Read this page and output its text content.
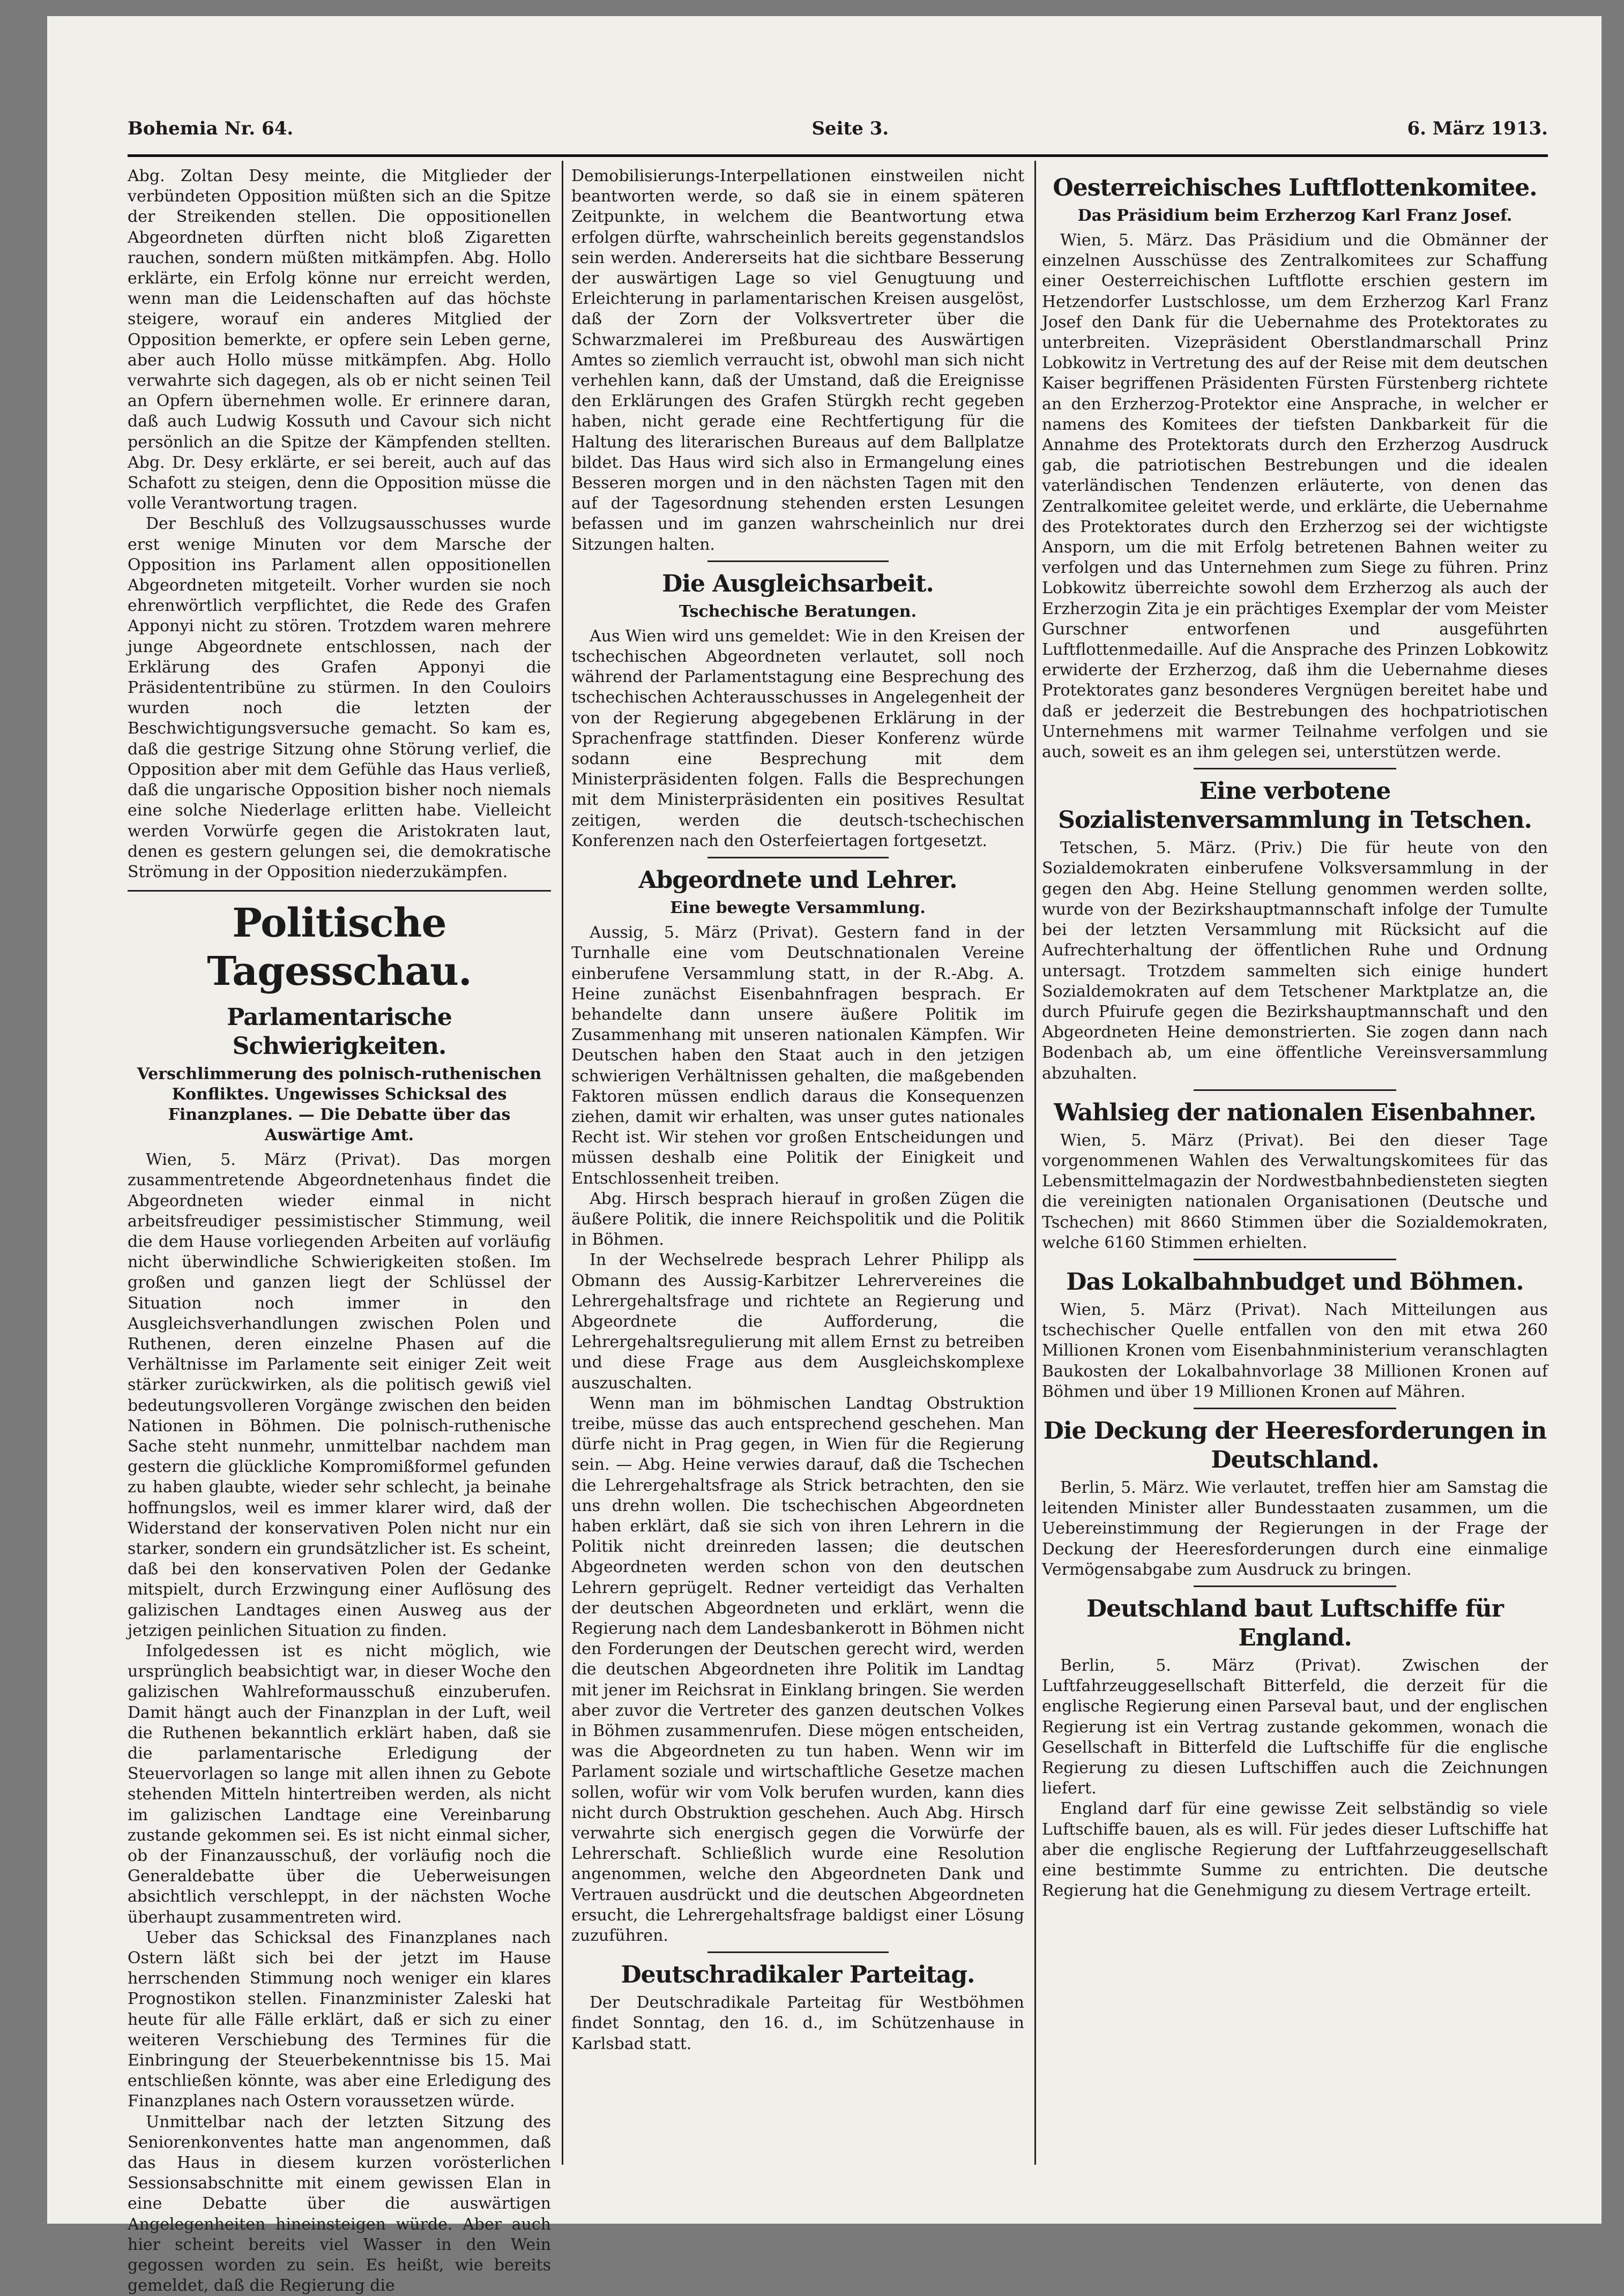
Bohemia Nr. 64.	Seite 3.	6. März 1913.

Abg. Zoltan Desy meinte, die Mitglieder der verbündeten Opposition müßten sich an die Spitze der Streikenden stellen. Die oppositionellen Abgeordneten dürften nicht bloß Zigaretten rauchen, sondern müßten mitkämpfen. Abg. Hollo erklärte, ein Erfolg könne nur erreicht werden, wenn man die Leidenschaften auf das höchste steigere, worauf ein anderes Mitglied der Opposition bemerkte, er opfere sein Leben gerne, aber auch Hollo müsse mitkämpfen. Abg. Hollo verwahrte sich dagegen, als ob er nicht seinen Teil an Opfern übernehmen wolle. Er erinnere daran, daß auch Ludwig Kossuth und Cavour sich nicht persönlich an die Spitze der Kämpfenden stellten. Abg. Dr. Desy erklärte, er sei bereit, auch auf das Schafott zu steigen, denn die Opposition müsse die volle Verantwortung tragen.

Der Beschluß des Vollzugsausschusses wurde erst wenige Minuten vor dem Marsche der Opposition ins Parlament allen oppositionellen Abgeordneten mitgeteilt. Vorher wurden sie noch ehrenwörtlich verpflichtet, die Rede des Grafen Apponyi nicht zu stören. Trotzdem waren mehrere junge Abgeordnete entschlossen, nach der Erklärung des Grafen Apponyi die Präsidententribüne zu stürmen. In den Couloirs wurden noch die letzten der Beschwichtigungsversuche gemacht. So kam es, daß die gestrige Sitzung ohne Störung verlief, die Opposition aber mit dem Gefühle das Haus verließ, daß die ungarische Opposition bisher noch niemals eine solche Niederlage erlitten habe. Vielleicht werden Vorwürfe gegen die Aristokraten laut, denen es gestern gelungen sei, die demokratische Strömung in der Opposition niederzukämpfen.

Politische Tagesschau.
Parlamentarische Schwierigkeiten.
Verschlimmerung des polnisch-ruthenischen Konfliktes. Ungewisses Schicksal des Finanzplanes. — Die Debatte über das Auswärtige Amt.

Wien, 5. März (Privat). Das morgen zusammentretende Abgeordnetenhaus findet die Abgeordneten wieder einmal in nicht arbeitsfreudiger pessimistischer Stimmung, weil die dem Hause vorliegenden Arbeiten auf vorläufig nicht überwindliche Schwierigkeiten stoßen. Im großen und ganzen liegt der Schlüssel der Situation noch immer in den Ausgleichsverhandlungen zwischen Polen und Ruthenen, deren einzelne Phasen auf die Verhältnisse im Parlamente seit einiger Zeit weit stärker zurückwirken, als die politisch gewiß viel bedeutungsvolleren Vorgänge zwischen den beiden Nationen in Böhmen. Die polnisch-ruthenische Sache steht nunmehr, unmittelbar nachdem man gestern die glückliche Kompromißformel gefunden zu haben glaubte, wieder sehr schlecht, ja beinahe hoffnungslos, weil es immer klarer wird, daß der Widerstand der konservativen Polen nicht nur ein starker, sondern ein grundsätzlicher ist. Es scheint, daß bei den konservativen Polen der Gedanke mitspielt, durch Erzwingung einer Auflösung des galizischen Landtages einen Ausweg aus der jetzigen peinlichen Situation zu finden.

Infolgedessen ist es nicht möglich, wie ursprünglich beabsichtigt war, in dieser Woche den galizischen Wahlreformausschuß einzuberufen. Damit hängt auch der Finanzplan in der Luft, weil die Ruthenen bekanntlich erklärt haben, daß sie die parlamentarische Erledigung der Steuervorlagen so lange mit allen ihnen zu Gebote stehenden Mitteln hintertreiben werden, als nicht im galizischen Landtage eine Vereinbarung zustande gekommen sei. Es ist nicht einmal sicher, ob der Finanzausschuß, der vorläufig noch die Generaldebatte über die Ueberweisungen absichtlich verschleppt, in der nächsten Woche überhaupt zusammentreten wird.

Ueber das Schicksal des Finanzplanes nach Ostern läßt sich bei der jetzt im Hause herrschenden Stimmung noch weniger ein klares Prognostikon stellen. Finanzminister Zaleski hat heute für alle Fälle erklärt, daß er sich zu einer weiteren Verschiebung des Termines für die Einbringung der Steuerbekenntnisse bis 15. Mai entschließen könnte, was aber eine Erledigung des Finanzplanes nach Ostern voraussetzen würde.

Unmittelbar nach der letzten Sitzung des Seniorenkonventes hatte man angenommen, daß das Haus in diesem kurzen vorösterlichen Sessionsabschnitte mit einem gewissen Elan in eine Debatte über die auswärtigen Angelegenheiten hineinsteigen würde. Aber auch hier scheint bereits viel Wasser in den Wein gegossen worden zu sein. Es heißt, wie bereits gemeldet, daß die Regierung die

Demobilisierungs-Interpellationen einstweilen nicht beantworten werde, so daß sie in einem späteren Zeitpunkte, in welchem die Beantwortung etwa erfolgen dürfte, wahrscheinlich bereits gegenstandslos sein werden. Andererseits hat die sichtbare Besserung der auswärtigen Lage so viel Genugtuung und Erleichterung in parlamentarischen Kreisen ausgelöst, daß der Zorn der Volksvertreter über die Schwarzmalerei im Preßbureau des Auswärtigen Amtes so ziemlich verraucht ist, obwohl man sich nicht verhehlen kann, daß der Umstand, daß die Ereignisse den Erklärungen des Grafen Stürgkh recht gegeben haben, nicht gerade eine Rechtfertigung für die Haltung des literarischen Bureaus auf dem Ballplatze bildet. Das Haus wird sich also in Ermangelung eines Besseren morgen und in den nächsten Tagen mit den auf der Tagesordnung stehenden ersten Lesungen befassen und im ganzen wahrscheinlich nur drei Sitzungen halten.

Die Ausgleichsarbeit.
Tschechische Beratungen.

Aus Wien wird uns gemeldet: Wie in den Kreisen der tschechischen Abgeordneten verlautet, soll noch während der Parlamentstagung eine Besprechung des tschechischen Achterausschusses in Angelegenheit der von der Regierung abgegebenen Erklärung in der Sprachenfrage stattfinden. Dieser Konferenz würde sodann eine Besprechung mit dem Ministerpräsidenten folgen. Falls die Besprechungen mit dem Ministerpräsidenten ein positives Resultat zeitigen, werden die deutsch-tschechischen Konferenzen nach den Osterfeiertagen fortgesetzt.

Abgeordnete und Lehrer.
Eine bewegte Versammlung.

Aussig, 5. März (Privat). Gestern fand in der Turnhalle eine vom Deutschnationalen Vereine einberufene Versammlung statt, in der R.-Abg. A. Heine zunächst Eisenbahnfragen besprach. Er behandelte dann unsere äußere Politik im Zusammenhang mit unseren nationalen Kämpfen. Wir Deutschen haben den Staat auch in den jetzigen schwierigen Verhältnissen gehalten, die maßgebenden Faktoren müssen endlich daraus die Konsequenzen ziehen, damit wir erhalten, was unser gutes nationales Recht ist. Wir stehen vor großen Entscheidungen und müssen deshalb eine Politik der Einigkeit und Entschlossenheit treiben.

Abg. Hirsch besprach hierauf in großen Zügen die äußere Politik, die innere Reichspolitik und die Politik in Böhmen.

In der Wechselrede besprach Lehrer Philipp als Obmann des Aussig-Karbitzer Lehrervereines die Lehrergehaltsfrage und richtete an Regierung und Abgeordnete die Aufforderung, die Lehrergehaltsregulierung mit allem Ernst zu betreiben und diese Frage aus dem Ausgleichskomplexe auszuschalten.

Wenn man im böhmischen Landtag Obstruktion treibe, müsse das auch entsprechend geschehen. Man dürfe nicht in Prag gegen, in Wien für die Regierung sein. — Abg. Heine verwies darauf, daß die Tschechen die Lehrergehaltsfrage als Strick betrachten, den sie uns drehn wollen. Die tschechischen Abgeordneten haben erklärt, daß sie sich von ihren Lehrern in die Politik nicht dreinreden lassen; die deutschen Abgeordneten werden schon von den deutschen Lehrern geprügelt. Redner verteidigt das Verhalten der deutschen Abgeordneten und erklärt, wenn die Regierung nach dem Landesbankerott in Böhmen nicht den Forderungen der Deutschen gerecht wird, werden die deutschen Abgeordneten ihre Politik im Landtag mit jener im Reichsrat in Einklang bringen. Sie werden aber zuvor die Vertreter des ganzen deutschen Volkes in Böhmen zusammenrufen. Diese mögen entscheiden, was die Abgeordneten zu tun haben. Wenn wir im Parlament soziale und wirtschaftliche Gesetze machen sollen, wofür wir vom Volk berufen wurden, kann dies nicht durch Obstruktion geschehen. Auch Abg. Hirsch verwahrte sich energisch gegen die Vorwürfe der Lehrerschaft. Schließlich wurde eine Resolution angenommen, welche den Abgeordneten Dank und Vertrauen ausdrückt und die deutschen Abgeordneten ersucht, die Lehrergehaltsfrage baldigst einer Lösung zuzuführen.

Deutschradikaler Parteitag.

Der Deutschradikale Parteitag für Westböhmen findet Sonntag, den 16. d., im Schützenhause in Karlsbad statt.

Oesterreichisches Luftflottenkomitee.
Das Präsidium beim Erzherzog Karl Franz Josef.

Wien, 5. März. Das Präsidium und die Obmänner der einzelnen Ausschüsse des Zentralkomitees zur Schaffung einer Oesterreichischen Luftflotte erschien gestern im Hetzendorfer Lustschlosse, um dem Erzherzog Karl Franz Josef den Dank für die Uebernahme des Protektorates zu unterbreiten. Vizepräsident Oberstlandmarschall Prinz Lobkowitz in Vertretung des auf der Reise mit dem deutschen Kaiser begriffenen Präsidenten Fürsten Fürstenberg richtete an den Erzherzog-Protektor eine Ansprache, in welcher er namens des Komitees der tiefsten Dankbarkeit für die Annahme des Protektorats durch den Erzherzog Ausdruck gab, die patriotischen Bestrebungen und die idealen vaterländischen Tendenzen erläuterte, von denen das Zentralkomitee geleitet werde, und erklärte, die Uebernahme des Protektorates durch den Erzherzog sei der wichtigste Ansporn, um die mit Erfolg betretenen Bahnen weiter zu verfolgen und das Unternehmen zum Siege zu führen. Prinz Lobkowitz überreichte sowohl dem Erzherzog als auch der Erzherzogin Zita je ein prächtiges Exemplar der vom Meister Gurschner entworfenen und ausgeführten Luftflottenmedaille. Auf die Ansprache des Prinzen Lobkowitz erwiderte der Erzherzog, daß ihm die Uebernahme dieses Protektorates ganz besonderes Vergnügen bereitet habe und daß er jederzeit die Bestrebungen des hochpatriotischen Unternehmens mit warmer Teilnahme verfolgen und sie auch, soweit es an ihm gelegen sei, unterstützen werde.

Eine verbotene Sozialistenversammlung in Tetschen.

Tetschen, 5. März. (Priv.) Die für heute von den Sozialdemokraten einberufene Volksversammlung in der gegen den Abg. Heine Stellung genommen werden sollte, wurde von der Bezirkshauptmannschaft infolge der Tumulte bei der letzten Versammlung mit Rücksicht auf die Aufrechterhaltung der öffentlichen Ruhe und Ordnung untersagt. Trotzdem sammelten sich einige hundert Sozialdemokraten auf dem Tetschener Marktplatze an, die durch Pfuirufe gegen die Bezirkshauptmannschaft und den Abgeordneten Heine demonstrierten. Sie zogen dann nach Bodenbach ab, um eine öffentliche Vereinsversammlung abzuhalten.

Wahlsieg der nationalen Eisenbahner.

Wien, 5. März (Privat). Bei den dieser Tage vorgenommenen Wahlen des Verwaltungskomitees für das Lebensmittelmagazin der Nordwestbahnbediensteten siegten die vereinigten nationalen Organisationen (Deutsche und Tschechen) mit 8660 Stimmen über die Sozialdemokraten, welche 6160 Stimmen erhielten.

Das Lokalbahnbudget und Böhmen.

Wien, 5. März (Privat). Nach Mitteilungen aus tschechischer Quelle entfallen von den mit etwa 260 Millionen Kronen vom Eisenbahnministerium veranschlagten Baukosten der Lokalbahnvorlage 38 Millionen Kronen auf Böhmen und über 19 Millionen Kronen auf Mähren.

Die Deckung der Heeresforderungen in Deutschland.

Berlin, 5. März. Wie verlautet, treffen hier am Samstag die leitenden Minister aller Bundesstaaten zusammen, um die Uebereinstimmung der Regierungen in der Frage der Deckung der Heeresforderungen durch eine einmalige Vermögensabgabe zum Ausdruck zu bringen.

Deutschland baut Luftschiffe für England.

Berlin, 5. März (Privat). Zwischen der Luftfahrzeuggesellschaft Bitterfeld, die derzeit für die englische Regierung einen Parseval baut, und der englischen Regierung ist ein Vertrag zustande gekommen, wonach die Gesellschaft in Bitterfeld die Luftschiffe für die englische Regierung zu diesen Luftschiffen auch die Zeichnungen liefert.

England darf für eine gewisse Zeit selbständig so viele Luftschiffe bauen, als es will. Für jedes dieser Luftschiffe hat aber die englische Regierung der Luftfahrzeuggesellschaft eine bestimmte Summe zu entrichten. Die deutsche Regierung hat die Genehmigung zu diesem Vertrage erteilt.
